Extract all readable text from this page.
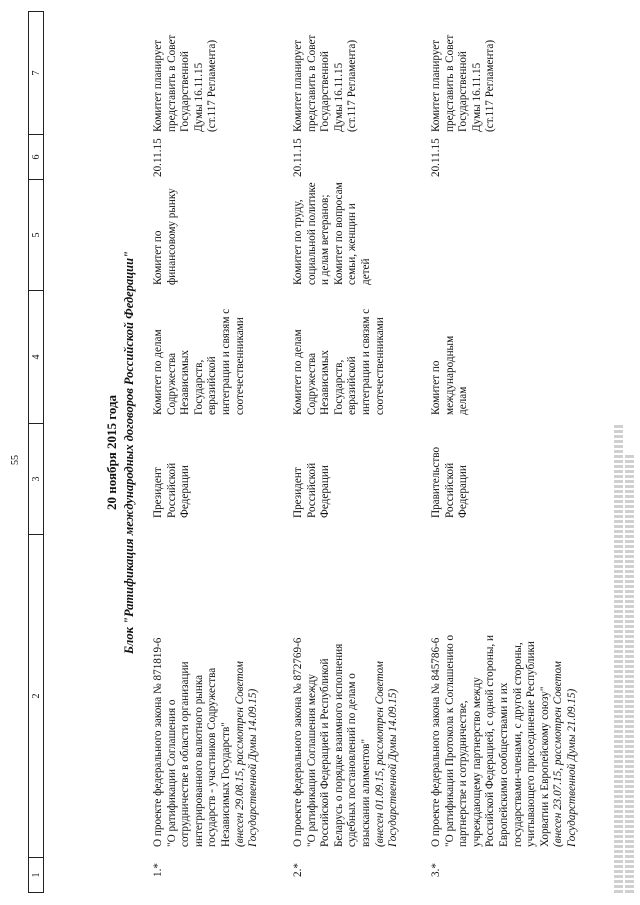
55
1	2	3	4	5	6	7
20 ноября 2015 года Блок "Ратификация международных договоров Российской Федерации"
1.*
О проекте федерального закона № 871819-6 "О ратификации Соглашения о сотрудничестве в области организации интегрированного валютного рынка государств - участников Содружества Независимых Государств" (внесен 29.08.15, рассмотрен Советом Государственной Думы 14.09.15)
Президент Российской Федерации
Комитет по делам Содружества Независимых Государств, евразийской интеграции и связям с соотечественниками
Комитет по финансовому рынку
20.11.15
Комитет планирует представить в Совет Государственной Думы 16.11.15 (ст.117 Регламента)
2.*
О проекте федерального закона № 872769-6 "О ратификации Соглашения между Российской Федерацией и Республикой Беларусь о порядке взаимного исполнения судебных постановлений по делам о взыскании алиментов" (внесен 01.09.15, рассмотрен Советом Государственной Думы 14.09.15)
Президент Российской Федерации
Комитет по делам Содружества Независимых Государств, евразийской интеграции и связям с соотечественниками
Комитет по труду, социальной политике и делам ветеранов; Комитет по вопросам семьи, женщин и детей
20.11.15
Комитет планирует представить в Совет Государственной Думы 16.11.15 (ст.117 Регламента)
3.*
О проекте федерального закона № 845786-6 "О ратификации Протокола к Соглашению о партнерстве и сотрудничестве, учреждающему партнерство между Российской Федерацией, с одной стороны, и Европейскими сообществами и их государствами-членами, с другой стороны, учитывающего присоединение Республики Хорватии к Европейскому союзу" (внесен 23.07.15, рассмотрен Советом Государственной Думы 21.09.15)
Правительство Российской Федерации
Комитет по международным делам
20.11.15
Комитет планирует представить в Совет Государственной Думы 16.11.15 (ст.117 Регламента)
